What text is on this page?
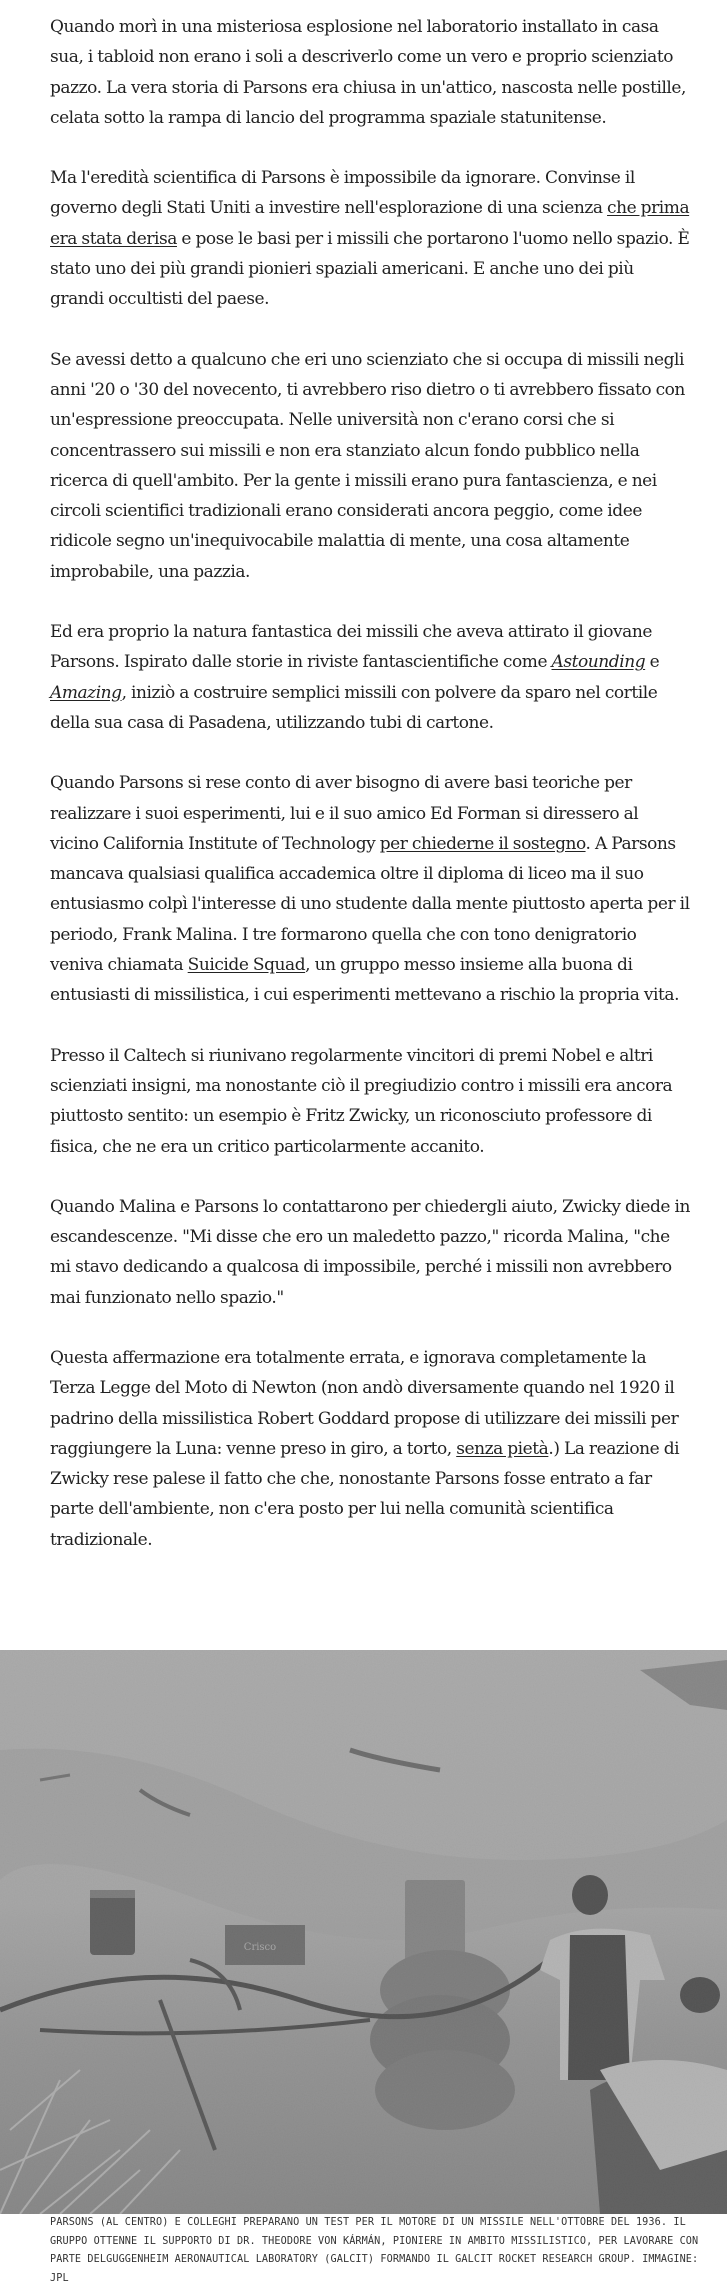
Quando morì in una misteriosa esplosione nel laboratorio installato in casa sua, i tabloid non erano i soli a descriverlo come un vero e proprio scienziato pazzo. La vera storia di Parsons era chiusa in un'attico, nascosta nelle postille, celata sotto la rampa di lancio del programma spaziale statunitense.

Ma l'eredità scientifica di Parsons è impossibile da ignorare. Convinse il governo degli Stati Uniti a investire nell'esplorazione di una scienza che prima era stata derisa e pose le basi per i missili che portarono l'uomo nello spazio. È stato uno dei più grandi pionieri spaziali americani. E anche uno dei più grandi occultisti del paese.

Se avessi detto a qualcuno che eri uno scienziato che si occupa di missili negli anni '20 o '30 del novecento, ti avrebbero riso dietro o ti avrebbero fissato con un'espressione preoccupata. Nelle università non c'erano corsi che si concentrassero sui missili e non era stanziato alcun fondo pubblico nella ricerca di quell'ambito. Per la gente i missili erano pura fantascienza, e nei circoli scientifici tradizionali erano considerati ancora peggio, come idee ridicole segno un'inequivocabile malattia di mente, una cosa altamente improbabile, una pazzia.

Ed era proprio la natura fantastica dei missili che aveva attirato il giovane Parsons. Ispirato dalle storie in riviste fantascientifiche come Astounding e Amazing, iniziò a costruire semplici missili con polvere da sparo nel cortile della sua casa di Pasadena, utilizzando tubi di cartone.

Quando Parsons si rese conto di aver bisogno di avere basi teoriche per realizzare i suoi esperimenti, lui e il suo amico Ed Forman si diressero al vicino California Institute of Technology per chiederne il sostegno. A Parsons mancava qualsiasi qualifica accademica oltre il diploma di liceo ma il suo entusiasmo colpì l'interesse di uno studente dalla mente piuttosto aperta per il periodo, Frank Malina. I tre formarono quella che con tono denigratorio veniva chiamata Suicide Squad, un gruppo messo insieme alla buona di entusiasti di missilistica, i cui esperimenti mettevano a rischio la propria vita.

Presso il Caltech si riunivano regolarmente vincitori di premi Nobel e altri scienziati insigni, ma nonostante ciò il pregiudizio contro i missili era ancora piuttosto sentito: un esempio è Fritz Zwicky, un riconosciuto professore di fisica, che ne era un critico particolarmente accanito.

Quando Malina e Parsons lo contattarono per chiedergli aiuto, Zwicky diede in escandescenze. "Mi disse che ero un maledetto pazzo," ricorda Malina, "che mi stavo dedicando a qualcosa di impossibile, perché i missili non avrebbero mai funzionato nello spazio."

Questa affermazione era totalmente errata, e ignorava completamente la Terza Legge del Moto di Newton (non andò diversamente quando nel 1920 il padrino della missilistica Robert Goddard propose di utilizzare dei missili per raggiungere la Luna: venne preso in giro, a torto, senza pietà.) La reazione di Zwicky rese palese il fatto che che, nonostante Parsons fosse entrato a far parte dell'ambiente, non c'era posto per lui nella comunità scientifica tradizionale.

PARSONS (AL CENTRO) E COLLEGHI PREPARANO UN TEST PER IL MOTORE DI UN MISSILE NELL'OTTOBRE DEL 1936. IL GRUPPO OTTENNE IL SUPPORTO DI DR. THEODORE VON KÁRMÁN, PIONIERE IN AMBITO MISSILISTICO, PER LAVORARE CON PARTE DELGUGGENHEIM AERONAUTICAL LABORATORY (GALCIT) FORMANDO IL GALCIT ROCKET RESEARCH GROUP. IMMAGINE: JPL
